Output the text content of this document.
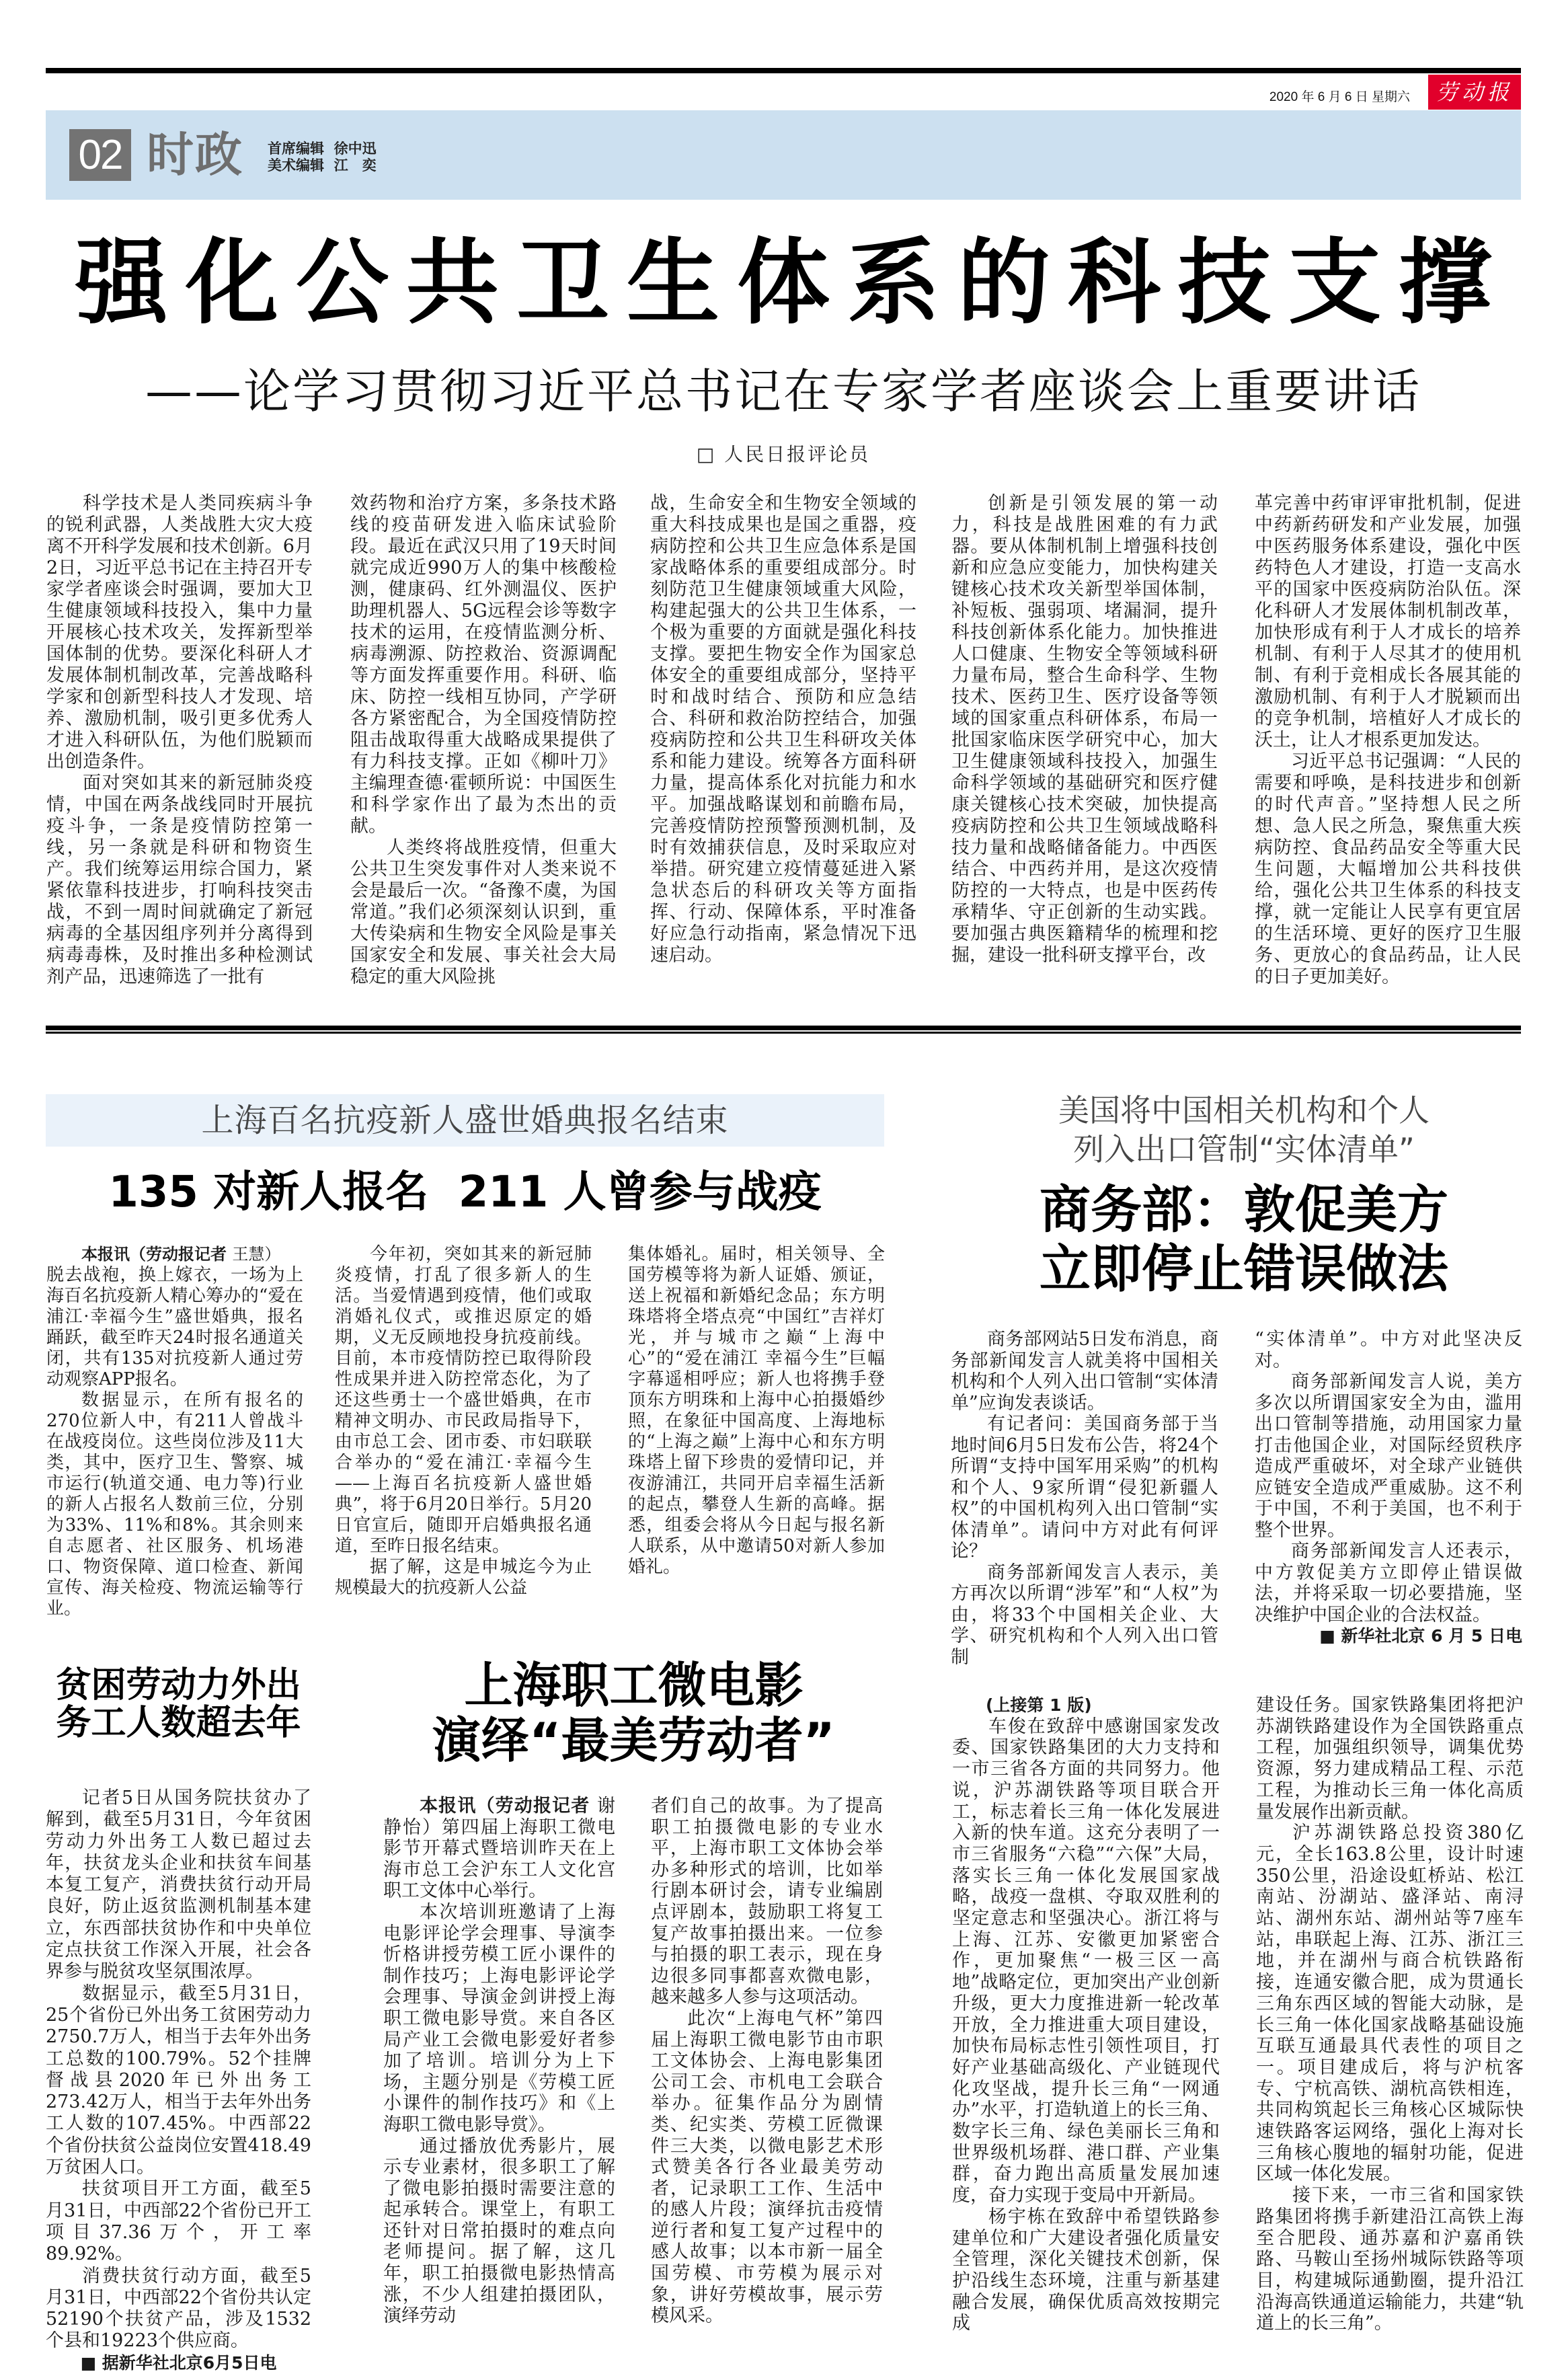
2020 年 6 月 6 日 星期六	劳动报
02 时政 首席编辑  徐中迅
美术编辑  江　奕
强化公共卫生体系的科技支撑
——论学习贯彻习近平总书记在专家学者座谈会上重要讲话
□ 人民日报评论员

科学技术是人类同疾病斗争的锐利武器，人类战胜大灾大疫离不开科学发展和技术创新。6月2日，习近平总书记在主持召开专家学者座谈会时强调，要加大卫生健康领域科技投入，集中力量开展核心技术攻关，发挥新型举国体制的优势。要深化科研人才发展体制机制改革，完善战略科学家和创新型科技人才发现、培养、激励机制，吸引更多优秀人才进入科研队伍，为他们脱颖而出创造条件。

面对突如其来的新冠肺炎疫情，中国在两条战线同时开展抗疫斗争，一条是疫情防控第一线，另一条就是科研和物资生产。我们统筹运用综合国力，紧紧依靠科技进步，打响科技突击战，不到一周时间就确定了新冠病毒的全基因组序列并分离得到病毒毒株，及时推出多种检测试剂产品，迅速筛选了一批有

效药物和治疗方案，多条技术路线的疫苗研发进入临床试验阶段。最近在武汉只用了19天时间就完成近990万人的集中核酸检测，健康码、红外测温仪、医护助理机器人、5G远程会诊等数字技术的运用，在疫情监测分析、病毒溯源、防控救治、资源调配等方面发挥重要作用。科研、临床、防控一线相互协同，产学研各方紧密配合，为全国疫情防控阻击战取得重大战略成果提供了有力科技支撑。正如《柳叶刀》主编理查德·霍顿所说：中国医生和科学家作出了最为杰出的贡献。

人类终将战胜疫情，但重大公共卫生突发事件对人类来说不会是最后一次。“备豫不虞，为国常道。”我们必须深刻认识到，重大传染病和生物安全风险是事关国家安全和发展、事关社会大局稳定的重大风险挑

战，生命安全和生物安全领域的重大科技成果也是国之重器，疫病防控和公共卫生应急体系是国家战略体系的重要组成部分。时刻防范卫生健康领域重大风险，构建起强大的公共卫生体系，一个极为重要的方面就是强化科技支撑。要把生物安全作为国家总体安全的重要组成部分，坚持平时和战时结合、预防和应急结合、科研和救治防控结合，加强疫病防控和公共卫生科研攻关体系和能力建设。统筹各方面科研力量，提高体系化对抗能力和水平。加强战略谋划和前瞻布局，完善疫情防控预警预测机制，及时有效捕获信息，及时采取应对举措。研究建立疫情蔓延进入紧急状态后的科研攻关等方面指挥、行动、保障体系，平时准备好应急行动指南，紧急情况下迅速启动。

创新是引领发展的第一动力，科技是战胜困难的有力武器。要从体制机制上增强科技创新和应急应变能力，加快构建关键核心技术攻关新型举国体制，补短板、强弱项、堵漏洞，提升科技创新体系化能力。加快推进人口健康、生物安全等领域科研力量布局，整合生命科学、生物技术、医药卫生、医疗设备等领域的国家重点科研体系，布局一批国家临床医学研究中心，加大卫生健康领域科技投入，加强生命科学领域的基础研究和医疗健康关键核心技术突破，加快提高疫病防控和公共卫生领域战略科技力量和战略储备能力。中西医结合、中西药并用，是这次疫情防控的一大特点，也是中医药传承精华、守正创新的生动实践。要加强古典医籍精华的梳理和挖掘，建设一批科研支撑平台，改

革完善中药审评审批机制，促进中药新药研发和产业发展，加强中医药服务体系建设，强化中医药特色人才建设，打造一支高水平的国家中医疫病防治队伍。深化科研人才发展体制机制改革，加快形成有利于人才成长的培养机制、有利于人尽其才的使用机制、有利于竞相成长各展其能的激励机制、有利于人才脱颖而出的竞争机制，培植好人才成长的沃土，让人才根系更加发达。

习近平总书记强调：“人民的需要和呼唤，是科技进步和创新的时代声音。”坚持想人民之所想、急人民之所急，聚焦重大疾病防控、食品药品安全等重大民生问题，大幅增加公共科技供给，强化公共卫生体系的科技支撑，就一定能让人民享有更宜居的生活环境、更好的医疗卫生服务、更放心的食品药品，让人民的日子更加美好。

上海百名抗疫新人盛世婚典报名结束
135 对新人报名  211 人曾参与战疫

本报讯（劳动报记者 王慧）

脱去战袍，换上嫁衣，一场为上海百名抗疫新人精心筹办的“爱在浦江·幸福今生”盛世婚典，报名踊跃，截至昨天24时报名通道关闭，共有135对抗疫新人通过劳动观察APP报名。

数据显示，在所有报名的270位新人中，有211人曾战斗在战疫岗位。这些岗位涉及11大类，其中，医疗卫生、警察、城市运行(轨道交通、电力等)行业的新人占报名人数前三位，分别为33%、11%和8%。其余则来自志愿者、社区服务、机场港口、物资保障、道口检查、新闻宣传、海关检疫、物流运输等行业。

今年初，突如其来的新冠肺炎疫情，打乱了很多新人的生活。当爱情遇到疫情，他们或取消婚礼仪式，或推迟原定的婚期，义无反顾地投身抗疫前线。目前，本市疫情防控已取得阶段性成果并进入防控常态化，为了还这些勇士一个盛世婚典，在市精神文明办、市民政局指导下，由市总工会、团市委、市妇联联合举办的“爱在浦江·幸福今生——上海百名抗疫新人盛世婚典”，将于6月20日举行。5月20日官宣后，随即开启婚典报名通道，至昨日报名结束。

据了解，这是申城迄今为止规模最大的抗疫新人公益

集体婚礼。届时，相关领导、全国劳模等将为新人证婚、颁证，送上祝福和新婚纪念品；东方明珠塔将全塔点亮“中国红”吉祥灯光，并与城市之巅“上海中心”的“爱在浦江 幸福今生”巨幅字幕遥相呼应；新人也将携手登顶东方明珠和上海中心拍摄婚纱照，在象征中国高度、上海地标的“上海之巅”上海中心和东方明珠塔上留下珍贵的爱情印记，并夜游浦江，共同开启幸福生活新的起点，攀登人生新的高峰。据悉，组委会将从今日起与报名新人联系，从中邀请50对新人参加婚礼。

美国将中国相关机构和个人
列入出口管制“实体清单”
商务部：敦促美方
立即停止错误做法

商务部网站5日发布消息，商务部新闻发言人就美将中国相关机构和个人列入出口管制“实体清单”应询发表谈话。

有记者问：美国商务部于当地时间6月5日发布公告，将24个所谓“支持中国军用采购”的机构和个人、9家所谓“侵犯新疆人权”的中国机构列入出口管制“实体清单”。请问中方对此有何评论？

商务部新闻发言人表示，美方再次以所谓“涉军”和“人权”为由，将33个中国相关企业、大学、研究机构和个人列入出口管制

“实体清单”。中方对此坚决反对。

商务部新闻发言人说，美方多次以所谓国家安全为由，滥用出口管制等措施，动用国家力量打击他国企业，对国际经贸秩序造成严重破坏，对全球产业链供应链安全造成严重威胁。这不利于中国，不利于美国，也不利于整个世界。

商务部新闻发言人还表示，中方敦促美方立即停止错误做法，并将采取一切必要措施，坚决维护中国企业的合法权益。

■ 新华社北京 6 月 5 日电

贫困劳动力外出
务工人数超去年

记者5日从国务院扶贫办了解到，截至5月31日，今年贫困劳动力外出务工人数已超过去年，扶贫龙头企业和扶贫车间基本复工复产，消费扶贫行动开局良好，防止返贫监测机制基本建立，东西部扶贫协作和中央单位定点扶贫工作深入开展，社会各界参与脱贫攻坚氛围浓厚。

数据显示，截至5月31日，25个省份已外出务工贫困劳动力2750.7万人，相当于去年外出务工总数的100.79%。52个挂牌督战县2020年已外出务工273.42万人，相当于去年外出务工人数的107.45%。中西部22个省份扶贫公益岗位安置418.49万贫困人口。

扶贫项目开工方面，截至5月31日，中西部22个省份已开工项目37.36万个，开工率89.92%。

消费扶贫行动方面，截至5月31日，中西部22个省份共认定52190个扶贫产品，涉及1532个县和19223个供应商。

■ 据新华社北京6月5日电

上海职工微电影
演绎“最美劳动者”

本报讯（劳动报记者 谢静怡）第四届上海职工微电影节开幕式暨培训昨天在上海市总工会沪东工人文化宫职工文体中心举行。

本次培训班邀请了上海电影评论学会理事、导演李忻格讲授劳模工匠小课件的制作技巧；上海电影评论学会理事、导演金剑讲授上海职工微电影导赏。来自各区局产业工会微电影爱好者参加了培训。培训分为上下场，主题分别是《劳模工匠小课件的制作技巧》和《上海职工微电影导赏》。

通过播放优秀影片，展示专业素材，很多职工了解了微电影拍摄时需要注意的起承转合。课堂上，有职工还针对日常拍摄时的难点向老师提问。据了解，这几年，职工拍摄微电影热情高涨，不少人组建拍摄团队，演绎劳动

者们自己的故事。为了提高职工拍摄微电影的专业水平，上海市职工文体协会举办多种形式的培训，比如举行剧本研讨会，请专业编剧点评剧本，鼓励职工将复工复产故事拍摄出来。一位参与拍摄的职工表示，现在身边很多同事都喜欢微电影，越来越多人参与这项活动。

此次“上海电气杯”第四届上海职工微电影节由市职工文体协会、上海电影集团公司工会、市机电工会联合举办。征集作品分为剧情类、纪实类、劳模工匠微课件三大类，以微电影艺术形式赞美各行各业最美劳动者，记录职工工作、生活中的感人片段；演绎抗击疫情逆行者和复工复产过程中的感人故事；以本市新一届全国劳模、市劳模为展示对象，讲好劳模故事，展示劳模风采。

(上接第 1 版)

车俊在致辞中感谢国家发改委、国家铁路集团的大力支持和一市三省各方面的共同努力。他说，沪苏湖铁路等项目联合开工，标志着长三角一体化发展进入新的快车道。这充分表明了一市三省服务“六稳”“六保”大局，落实长三角一体化发展国家战略，战疫一盘棋、夺取双胜利的坚定意志和坚强决心。浙江将与上海、江苏、安徽更加紧密合作，更加聚焦“一极三区一高地”战略定位，更加突出产业创新升级，更大力度推进新一轮改革开放，全力推进重大项目建设，加快布局标志性引领性项目，打好产业基础高级化、产业链现代化攻坚战，提升长三角“一网通办”水平，打造轨道上的长三角、数字长三角、绿色美丽长三角和世界级机场群、港口群、产业集群，奋力跑出高质量发展加速度，奋力实现于变局中开新局。

杨宇栋在致辞中希望铁路参建单位和广大建设者强化质量安全管理，深化关键技术创新，保护沿线生态环境，注重与新基建融合发展，确保优质高效按期完成

建设任务。国家铁路集团将把沪苏湖铁路建设作为全国铁路重点工程，加强组织领导，调集优势资源，努力建成精品工程、示范工程，为推动长三角一体化高质量发展作出新贡献。

沪苏湖铁路总投资380亿元，全长163.8公里，设计时速350公里，沿途设虹桥站、松江南站、汾湖站、盛泽站、南浔站、湖州东站、湖州站等7座车站，串联起上海、江苏、浙江三地，并在湖州与商合杭铁路衔接，连通安徽合肥，成为贯通长三角东西区域的智能大动脉，是长三角一体化国家战略基础设施互联互通最具代表性的项目之一。项目建成后，将与沪杭客专、宁杭高铁、湖杭高铁相连，共同构筑起长三角核心区城际快速铁路客运网络，强化上海对长三角核心腹地的辐射功能，促进区域一体化发展。

接下来，一市三省和国家铁路集团将携手新建沿江高铁上海至合肥段、通苏嘉和沪嘉甬铁路、马鞍山至扬州城际铁路等项目，构建城际通勤圈，提升沿江沿海高铁通道运输能力，共建“轨道上的长三角”。
